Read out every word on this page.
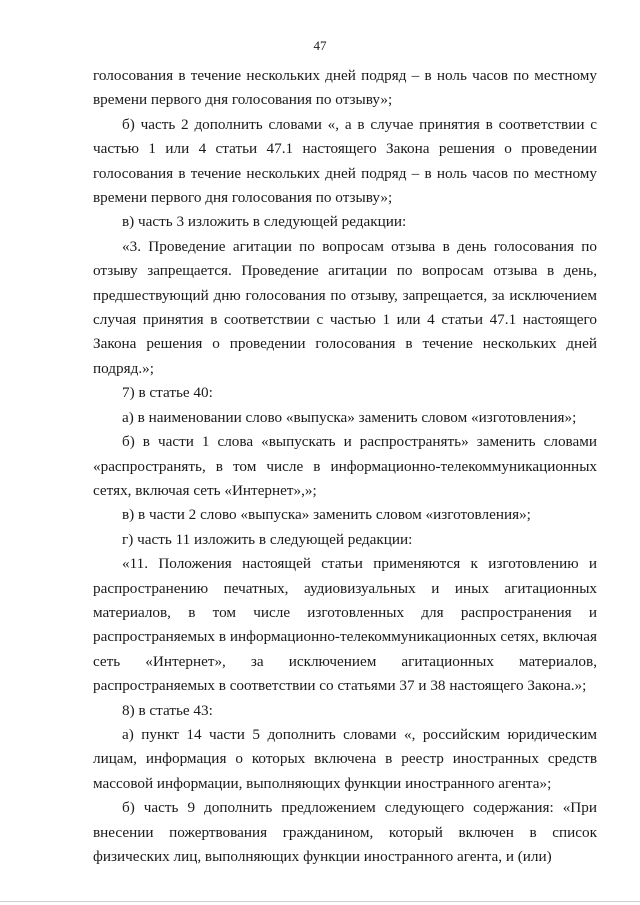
47

голосования в течение нескольких дней подряд – в ноль часов по местному времени первого дня голосования по отзыву»;

б) часть 2 дополнить словами «, а в случае принятия в соответствии с частью 1 или 4 статьи 47.1 настоящего Закона решения о проведении голосования в течение нескольких дней подряд – в ноль часов по местному времени первого дня голосования по отзыву»;

в) часть 3 изложить в следующей редакции:

«3. Проведение агитации по вопросам отзыва в день голосования по отзыву запрещается. Проведение агитации по вопросам отзыва в день, предшествующий дню голосования по отзыву, запрещается, за исключением случая принятия в соответствии с частью 1 или 4 статьи 47.1 настоящего Закона решения о проведении голосования в течение нескольких дней подряд.»;

7) в статье 40:

а) в наименовании слово «выпуска» заменить словом «изготовления»;

б) в части 1 слова «выпускать и распространять» заменить словами «распространять, в том числе в информационно-телекоммуникационных сетях, включая сеть «Интернет»,»;

в) в части 2 слово «выпуска» заменить словом «изготовления»;

г) часть 11 изложить в следующей редакции:

«11. Положения настоящей статьи применяются к изготовлению и распространению печатных, аудиовизуальных и иных агитационных материалов, в том числе изготовленных для распространения и распространяемых в информационно-телекоммуникационных сетях, включая сеть «Интернет», за исключением агитационных материалов, распространяемых в соответствии со статьями 37 и 38 настоящего Закона.»;

8) в статье 43:

а) пункт 14 части 5 дополнить словами «, российским юридическим лицам, информация о которых включена в реестр иностранных средств массовой информации, выполняющих функции иностранного агента»;

б) часть 9 дополнить предложением следующего содержания: «При внесении пожертвования гражданином, который включен в список физических лиц, выполняющих функции иностранного агента, и (или)
